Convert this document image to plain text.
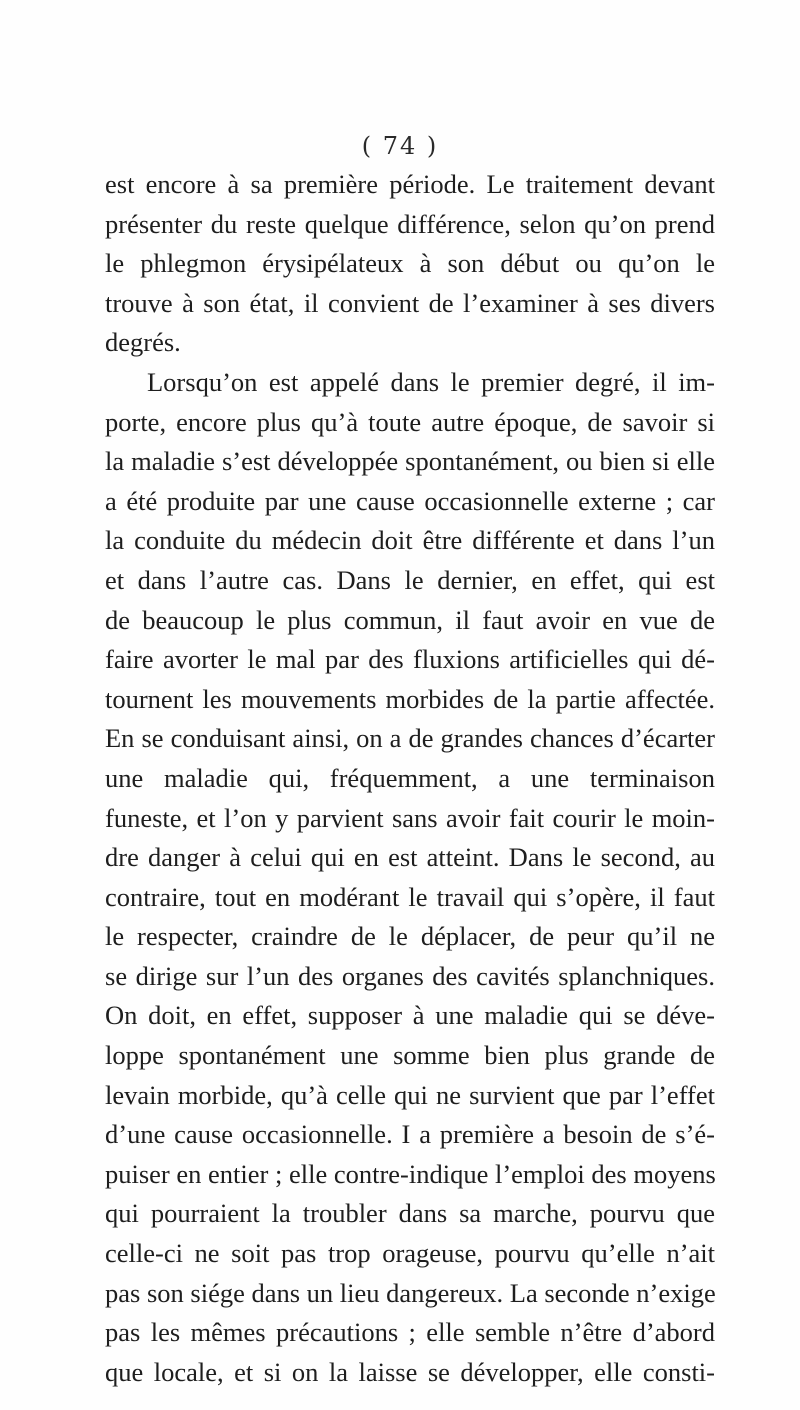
( 74 )
est encore à sa première période. Le traitement devant
présenter du reste quelque différence, selon qu’on prend
le phlegmon érysipélateux à son début ou qu’on le
trouve à son état, il convient de l’examiner à ses divers
degrés.
Lorsqu’on est appelé dans le premier degré, il im-
porte, encore plus qu’à toute autre époque, de savoir si
la maladie s’est développée spontanément, ou bien si elle
a été produite par une cause occasionnelle externe ; car
la conduite du médecin doit être différente et dans l’un
et dans l’autre cas. Dans le dernier, en effet, qui est
de beaucoup le plus commun, il faut avoir en vue de
faire avorter le mal par des fluxions artificielles qui dé-
tournent les mouvements morbides de la partie affectée.
En se conduisant ainsi, on a de grandes chances d’écarter
une maladie qui, fréquemment, a une terminaison
funeste, et l’on y parvient sans avoir fait courir le moin-
dre danger à celui qui en est atteint. Dans le second, au
contraire, tout en modérant le travail qui s’opère, il faut
le respecter, craindre de le déplacer, de peur qu’il ne
se dirige sur l’un des organes des cavités splanchniques.
On doit, en effet, supposer à une maladie qui se déve-
loppe spontanément une somme bien plus grande de
levain morbide, qu’à celle qui ne survient que par l’effet
d’une cause occasionnelle. I a première a besoin de s’é-
puiser en entier ; elle contre-indique l’emploi des moyens
qui pourraient la troubler dans sa marche, pourvu que
celle-ci ne soit pas trop orageuse, pourvu qu’elle n’ait
pas son siége dans un lieu dangereux. La seconde n’exige
pas les mêmes précautions ; elle semble n’être d’abord
que locale, et si on la laisse se développer, elle consti-
